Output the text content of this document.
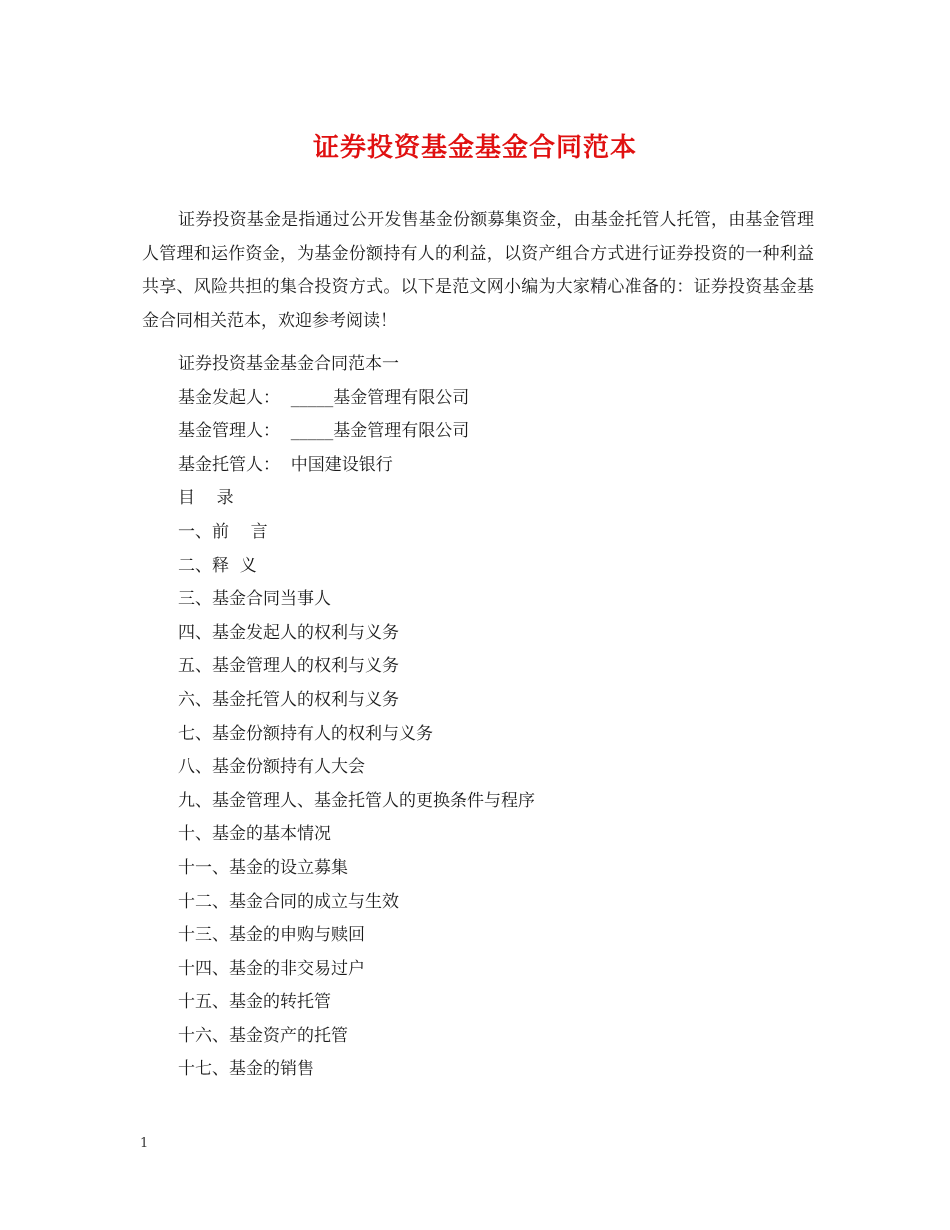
证券投资基金基金合同范本

证券投资基金是指通过公开发售基金份额募集资金，由基金托管人托管，由基金管理人管理和运作资金，为基金份额持有人的利益，以资产组合方式进行证券投资的一种利益共享、风险共担的集合投资方式。以下是范文网小编为大家精心准备的：证券投资基金基金合同相关范本，欢迎参考阅读！

证券投资基金基金合同范本一
基金发起人：  _____基金管理有限公司
基金管理人：  _____基金管理有限公司
基金托管人：  中国建设银行
目    录
一、前    言
二、释  义
三、基金合同当事人
四、基金发起人的权利与义务
五、基金管理人的权利与义务
六、基金托管人的权利与义务
七、基金份额持有人的权利与义务
八、基金份额持有人大会
九、基金管理人、基金托管人的更换条件与程序
十、基金的基本情况
十一、基金的设立募集
十二、基金合同的成立与生效
十三、基金的申购与赎回
十四、基金的非交易过户
十五、基金的转托管
十六、基金资产的托管
十七、基金的销售
1
